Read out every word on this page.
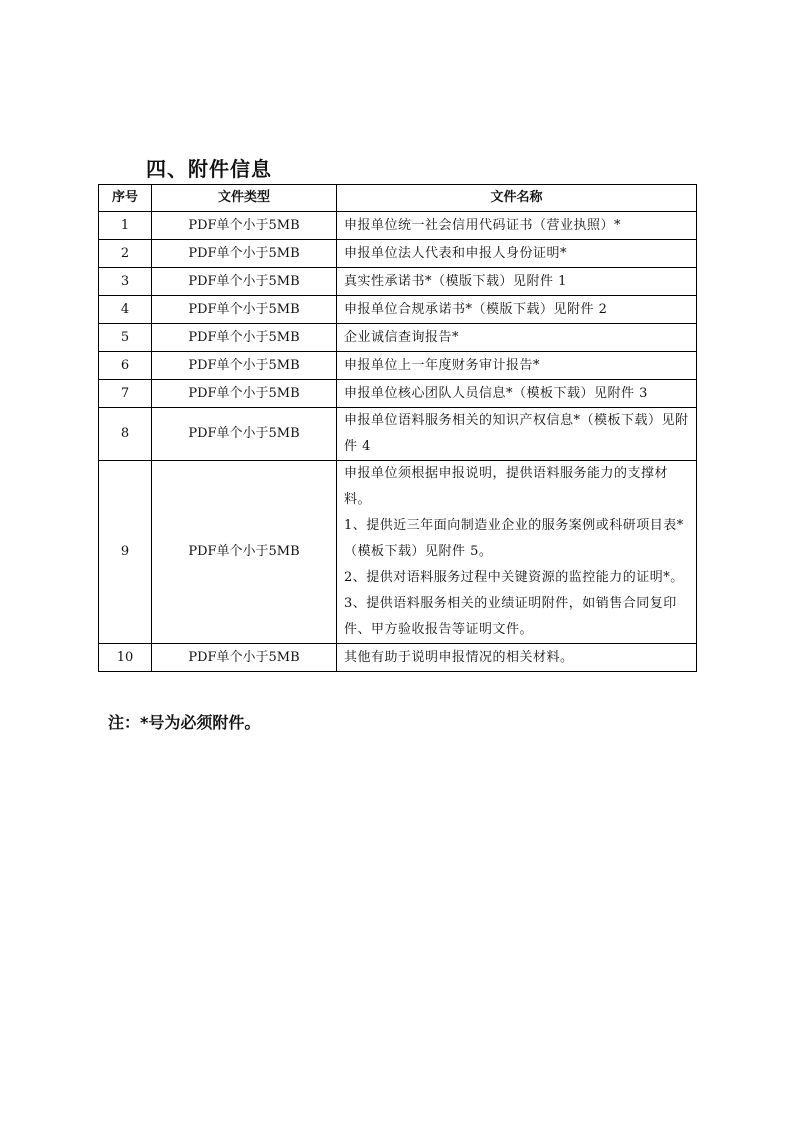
四、附件信息
序号	文件类型	文件名称
1	PDF单个小于5MB	申报单位统一社会信用代码证书（营业执照）*

2	PDF单个小于5MB	申报单位法人代表和申报人身份证明*

3	PDF单个小于5MB	真实性承诺书*（模版下载）见附件 1

4	PDF单个小于5MB	申报单位合规承诺书*（模版下载）见附件 2

5	PDF单个小于5MB	企业诚信查询报告*

6	PDF单个小于5MB	申报单位上一年度财务审计报告*

7	PDF单个小于5MB	申报单位核心团队人员信息*（模板下载）见附件 3

8	PDF单个小于5MB	申报单位语料服务相关的知识产权信息*（模板下载）见附件 4

9	PDF单个小于5MB	申报单位须根据申报说明，提供语料服务能力的支撑材料。
1、提供近三年面向制造业企业的服务案例或科研项目表*（模板下载）见附件 5。
2、提供对语料服务过程中关键资源的监控能力的证明*。
3、提供语料服务相关的业绩证明附件，如销售合同复印件、甲方验收报告等证明文件。

10	PDF单个小于5MB	其他有助于说明申报情况的相关材料。

注：*号为必须附件。
